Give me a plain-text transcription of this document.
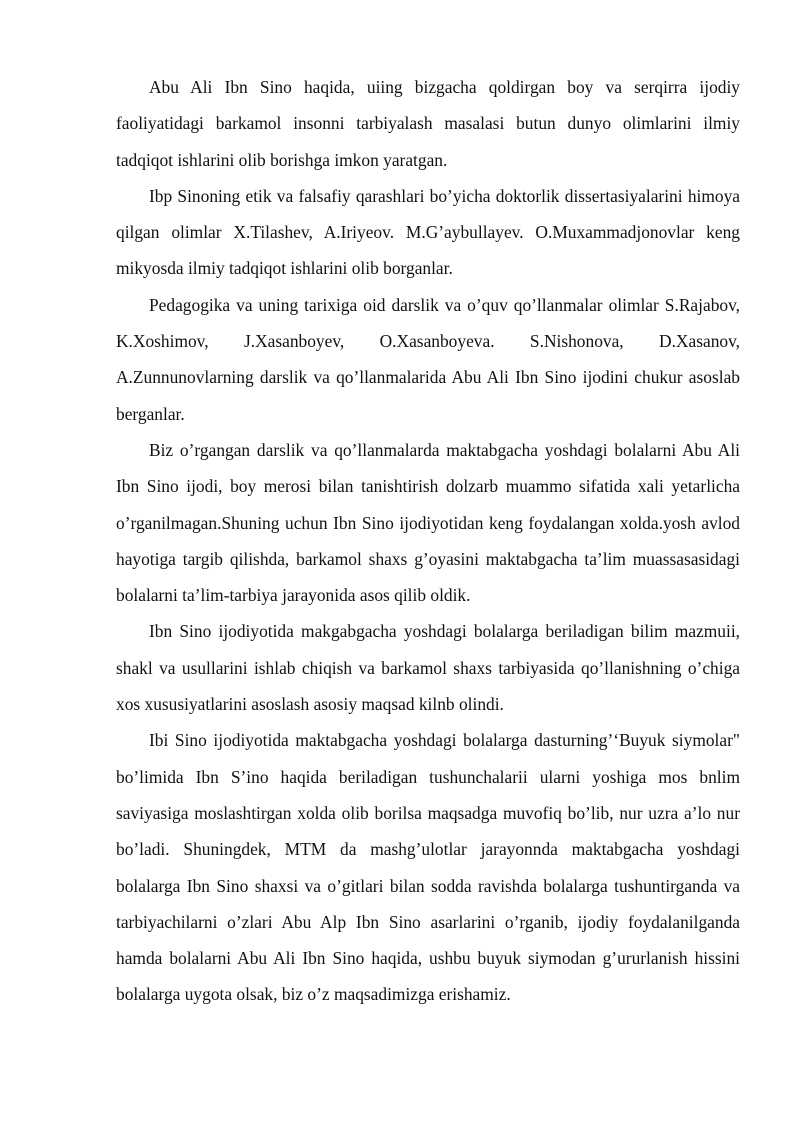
Abu Ali Ibn Sino haqida, uiing bizgacha qoldirgan boy va serqirra ijodiy faoliyatidagi barkamol insonni tarbiyalash masalasi butun dunyo olimlarini ilmiy tadqiqot ishlarini olib borishga imkon yaratgan.

Ibp Sinoning etik va falsafiy qarashlari bo’yicha doktorlik dissertasiyalarini himoya qilgan olimlar X.Tilashev, A.Iriyeov. M.G’aybullayev. O.Muxammadjonovlar keng mikyosda ilmiy tadqiqot ishlarini olib borganlar.

Pedagogika va uning tarixiga oid darslik va o’quv qo’llanmalar olimlar S.Rajabov, K.Xoshimov, J.Xasanboyev, O.Xasanboyeva. S.Nishonova, D.Xasanov, A.Zunnunovlarning darslik va qo’llanmalarida Abu Ali Ibn Sino ijodini chukur asoslab berganlar.

Biz o’rgangan darslik va qo’llanmalarda maktabgacha yoshdagi bolalarni Abu Ali Ibn Sino ijodi, boy merosi bilan tanishtirish dolzarb muammo sifatida xali yetarlicha o’rganilmagan.Shuning uchun Ibn Sino ijodiyotidan keng foydalangan xolda.yosh avlod hayotiga targib qilishda, barkamol shaxs g’oyasini maktabgacha ta’lim muassasasidagi bolalarni ta’lim-tarbiya jarayonida asos qilib oldik.

Ibn Sino ijodiyotida makgabgacha yoshdagi bolalarga beriladigan bilim mazmuii, shakl va usullarini ishlab chiqish va barkamol shaxs tarbiyasida qo’llanishning o’chiga xos xususiyatlarini asoslash asosiy maqsad kilnb olindi.

Ibi Sino ijodiyotida maktabgacha yoshdagi bolalarga dasturning’‘Buyuk siymolar" bo’limida Ibn S’ino haqida beriladigan tushunchalarii ularni yoshiga mos bnlim saviyasiga moslashtirgan xolda olib borilsa maqsadga muvofiq bo’lib, nur uzra a’lo nur bo’ladi. Shuningdek, MTM da mashg’ulotlar jarayonnda maktabgacha yoshdagi bolalarga Ibn Sino shaxsi va o’gitlari bilan sodda ravishda bolalarga tushuntirganda va tarbiyachilarni o’zlari Abu Alp Ibn Sino asarlarini o’rganib, ijodiy foydalanilganda hamda bolalarni Abu Ali Ibn Sino haqida, ushbu buyuk siymodan g’ururlanish hissini bolalarga uygota olsak, biz o’z maqsadimizga erishamiz.
